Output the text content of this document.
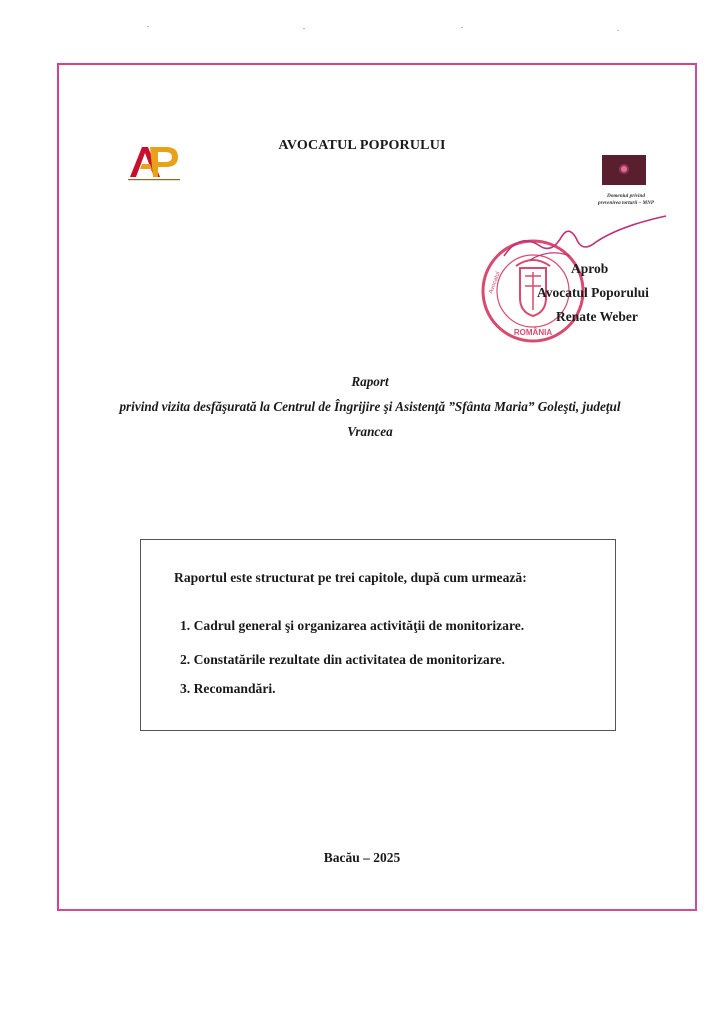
AVOCATUL POPORULUI
Domeniul privind
prevenirea torturii – MNP
ROMÂNIA
Avocatul
Aprob
Avocatul Poporului
Renate Weber
Raport
privind vizita desfăşurată la Centrul de Îngrijire şi Asistenţă ”Sfânta Maria” Goleşti, judeţul
Vrancea
Raportul este structurat pe trei capitole, după cum urmează:
1. Cadrul general şi organizarea activităţii de monitorizare.
2. Constatările rezultate din activitatea de monitorizare.
3. Recomandări.
Bacău – 2025
